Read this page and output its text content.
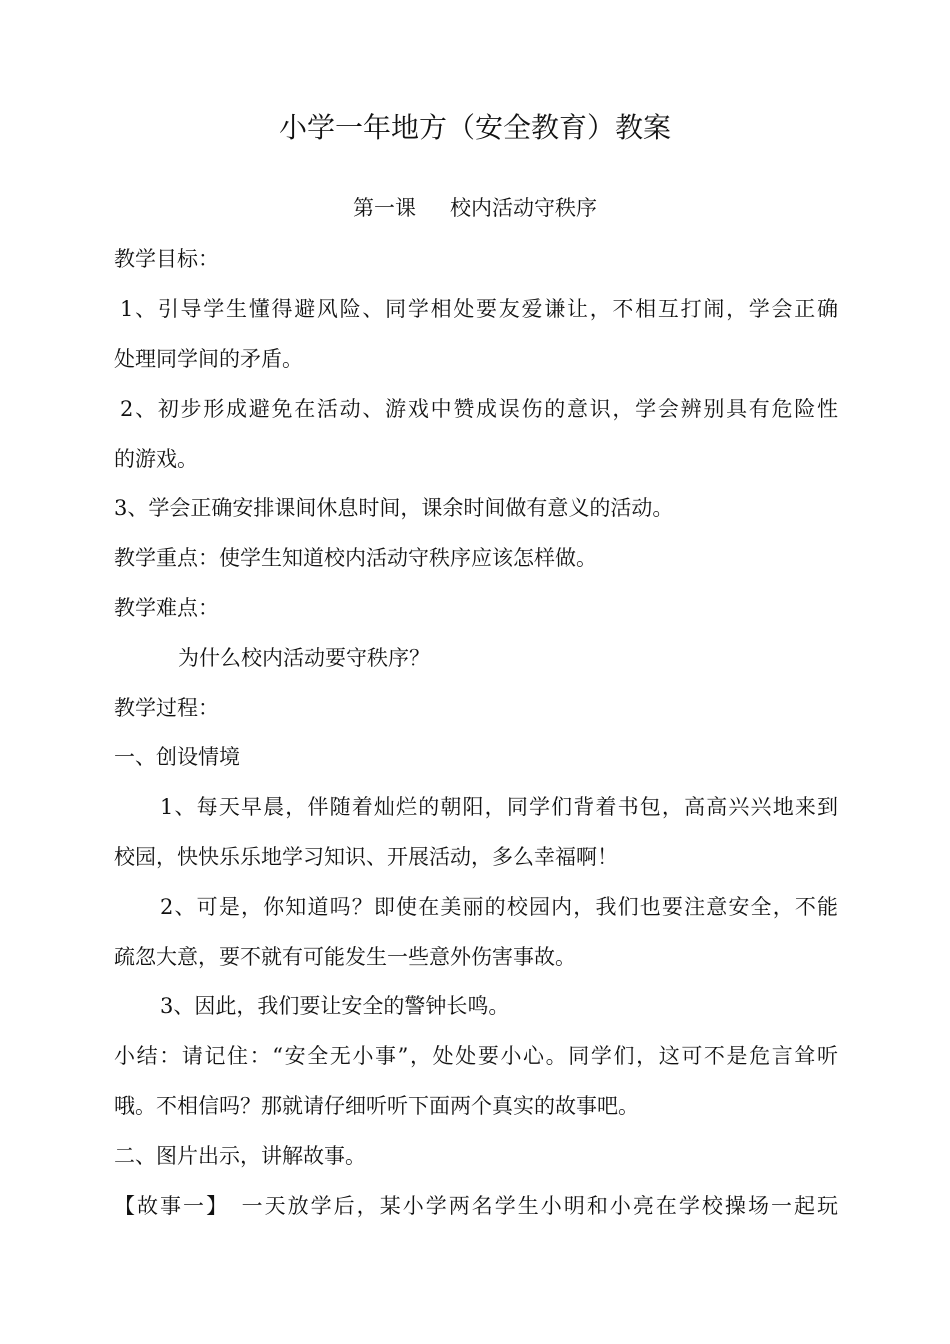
小学一年地方（安全教育）教案
第一课 校内活动守秩序
教学目标：
1、引导学生懂得避风险、同学相处要友爱谦让，不相互打闹，学会正确
处理同学间的矛盾。
2、初步形成避免在活动、游戏中赞成误伤的意识，学会辨别具有危险性
的游戏。
3、学会正确安排课间休息时间，课余时间做有意义的活动。
教学重点：使学生知道校内活动守秩序应该怎样做。
教学难点：
为什么校内活动要守秩序？
教学过程：
一、创设情境
1、每天早晨，伴随着灿烂的朝阳，同学们背着书包，高高兴兴地来到
校园，快快乐乐地学习知识、开展活动，多么幸福啊！
2、可是，你知道吗？即使在美丽的校园内，我们也要注意安全，不能
疏忽大意，要不就有可能发生一些意外伤害事故。
3、因此，我们要让安全的警钟长鸣。
小结：请记住：“安全无小事”，处处要小心。同学们，这可不是危言耸听
哦。不相信吗？那就请仔细听听下面两个真实的故事吧。
二、图片出示，讲解故事。
【故事一】　一天放学后，某小学两名学生小明和小亮在学校操场一起玩
